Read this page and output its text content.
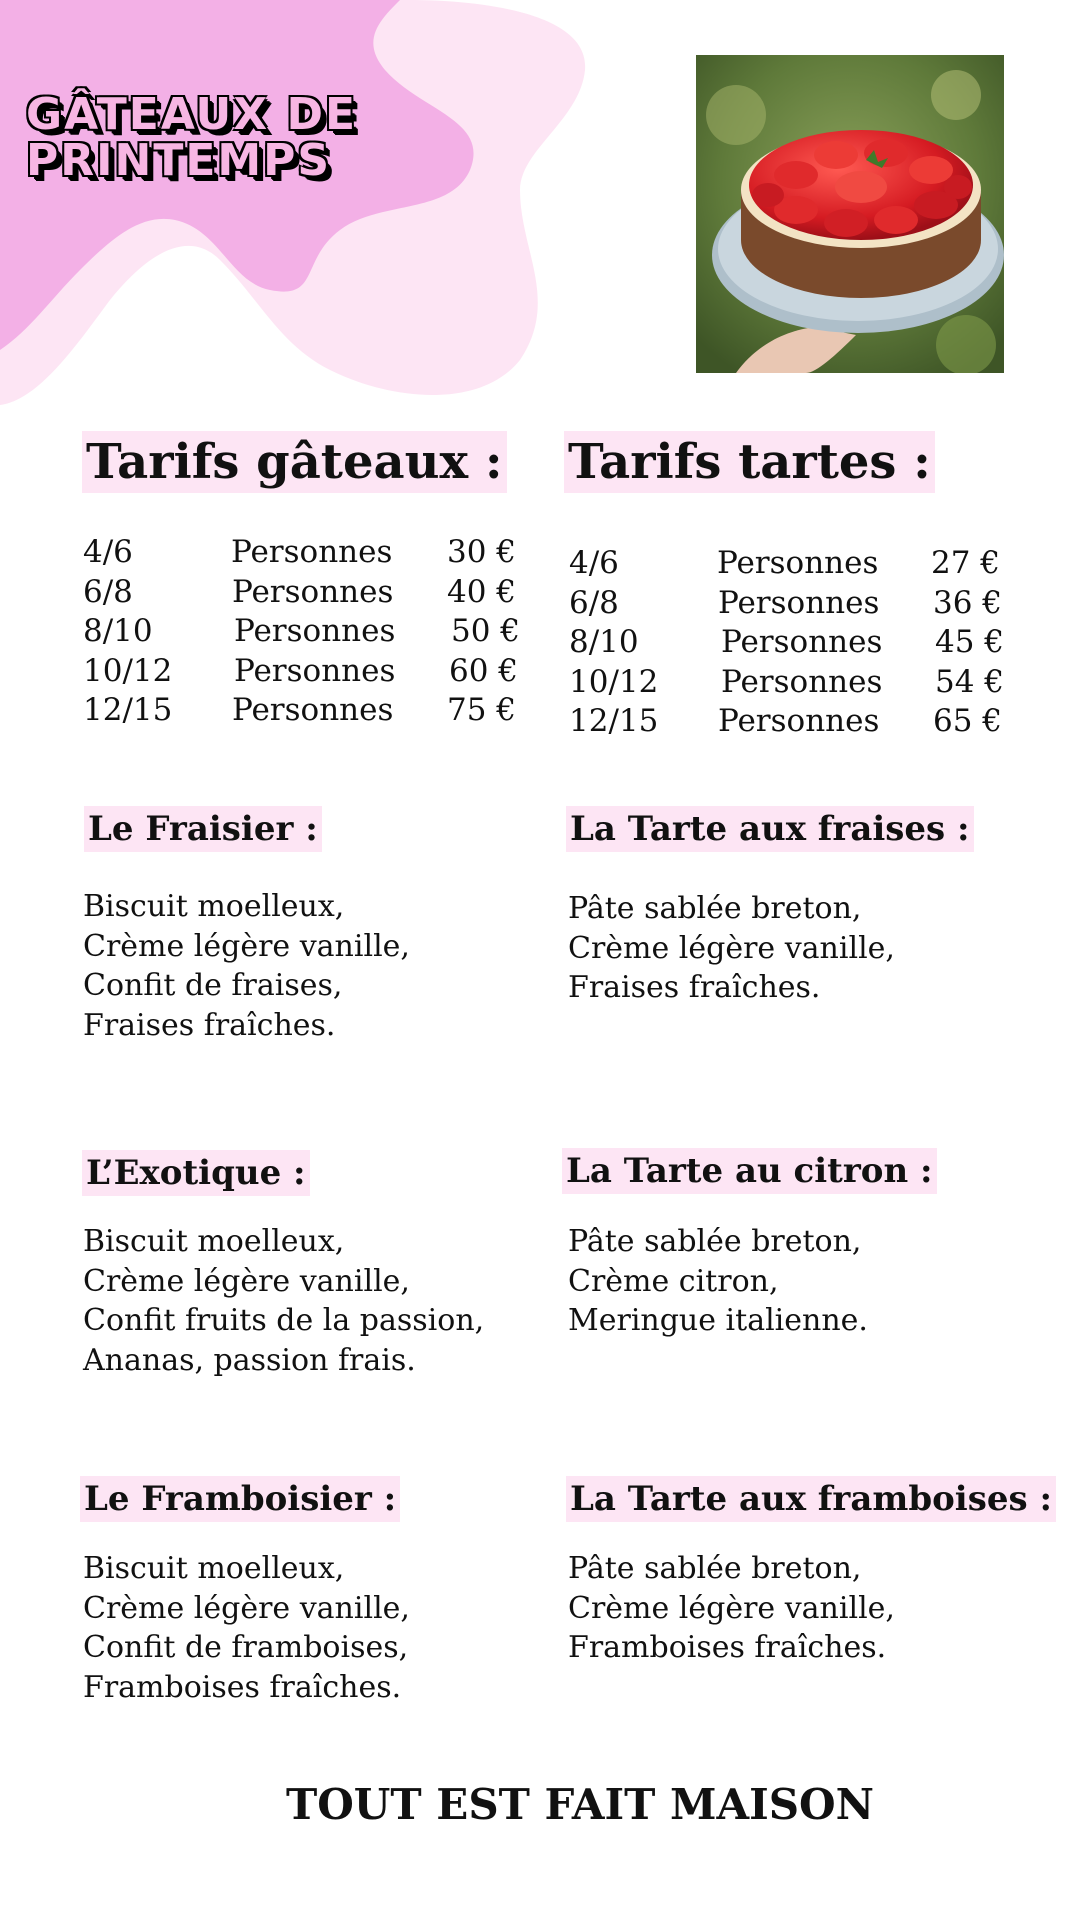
GÂTEAUX DE
PRINTEMPS
Tarifs gâteaux :
4/6	Personnes 30 €
6/8	Personnes 40 €
8/10	Personnes 50 €
10/12 Personnes 60 €
12/15 Personnes 75 €
Tarifs tartes :
4/6	Personnes 27 €
6/8	Personnes 36 €
8/10	Personnes 45 €
10/12 Personnes 54 €
12/15 Personnes 65 €
Le Fraisier :
Biscuit moelleux,
Crème légère vanille,
Confit de fraises,
Fraises fraîches.
L’Exotique :
Biscuit moelleux,
Crème légère vanille,
Confit fruits de la passion,
Ananas, passion frais.
Le Framboisier :
Biscuit moelleux,
Crème légère vanille,
Confit de framboises,
Framboises fraîches.
La Tarte aux fraises :
Pâte sablée breton,
Crème légère vanille,
Fraises fraîches.
La Tarte au citron :
Pâte sablée breton,
Crème citron,
Meringue italienne.
La Tarte aux framboises :
Pâte sablée breton,
Crème légère vanille,
Framboises fraîches.
TOUT EST FAIT MAISON
